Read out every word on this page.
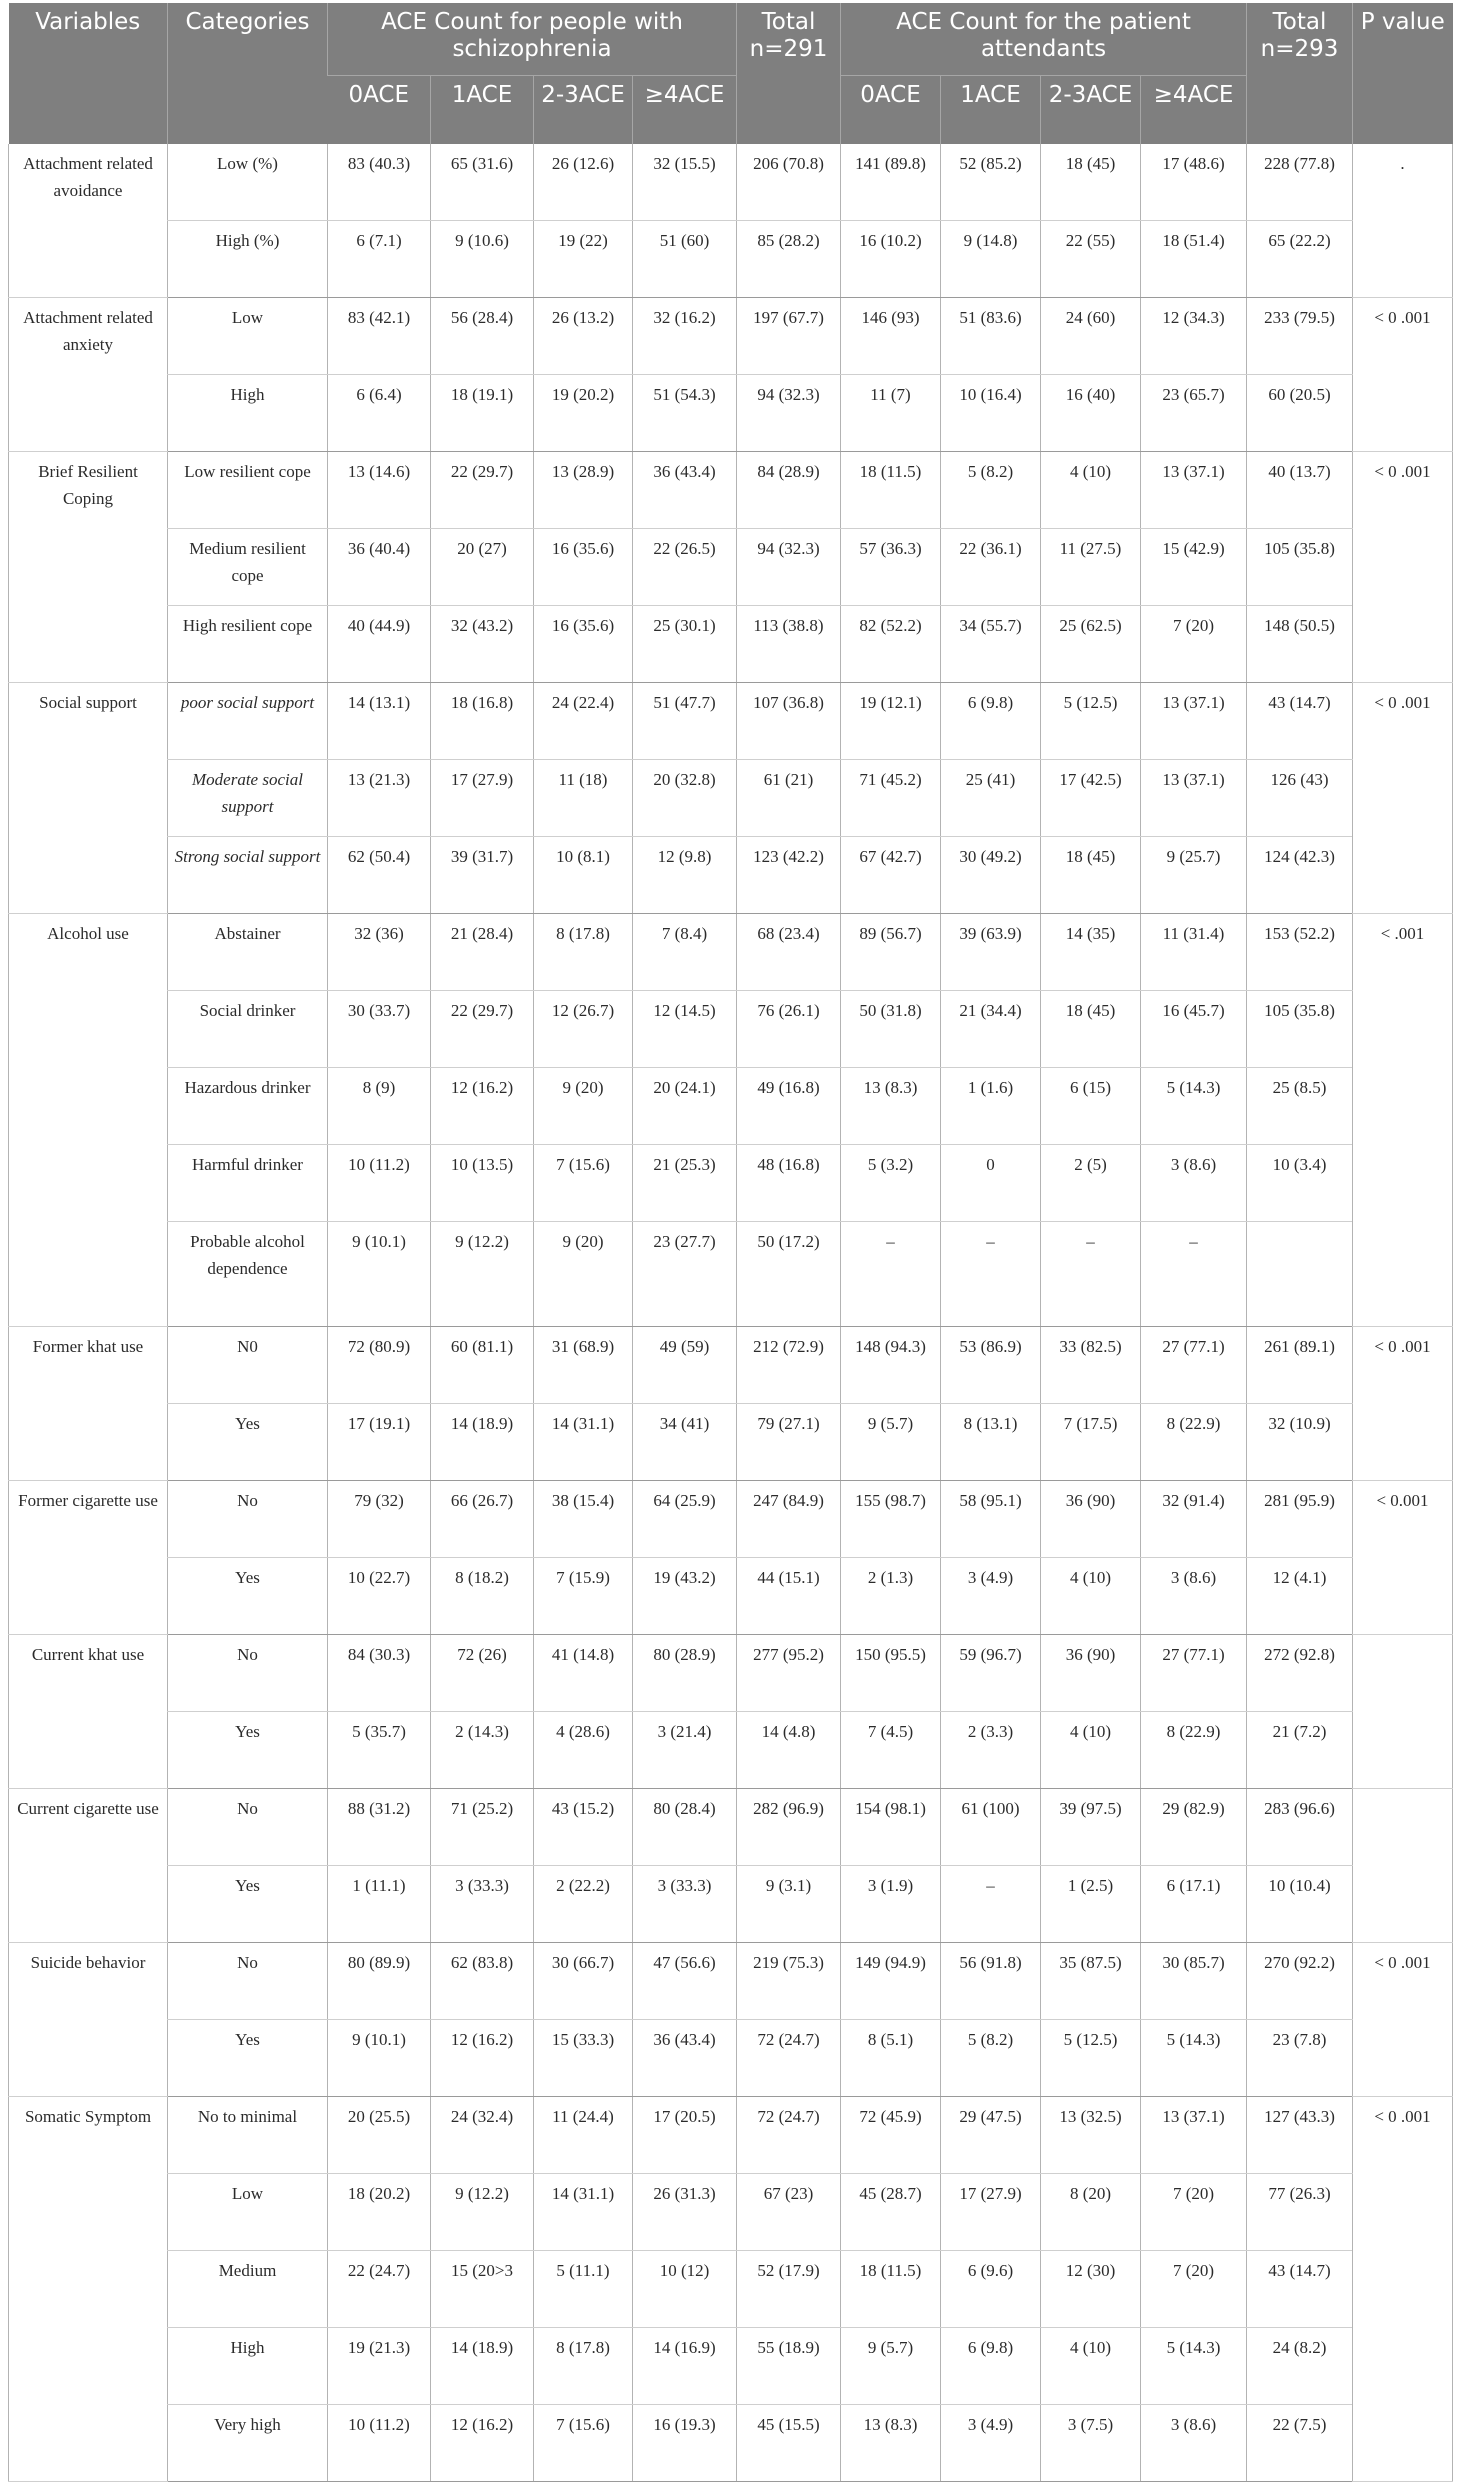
Variables	Categories	ACE Count for people with schizophrenia				Total n=291	ACE Count for the patient attendants				Total n=293	P value
		0ACE	1ACE	2-3ACE	≥4ACE		0ACE	1ACE	2-3ACE	≥4ACE		
Attachment related avoidance	Low (%)	83 (40.3)	65 (31.6)	26 (12.6)	32 (15.5)	206 (70.8)	141 (89.8)	52 (85.2)	18 (45)	17 (48.6)	228 (77.8)	.
	High (%)	6 (7.1)	9 (10.6)	19 (22)	51 (60)	85 (28.2)	16 (10.2)	9 (14.8)	22 (55)	18 (51.4)	65 (22.2)	
Attachment related anxiety	Low	83 (42.1)	56 (28.4)	26 (13.2)	32 (16.2)	197 (67.7)	146 (93)	51 (83.6)	24 (60)	12 (34.3)	233 (79.5)	< 0 .001
	High	6 (6.4)	18 (19.1)	19 (20.2)	51 (54.3)	94 (32.3)	11 (7)	10 (16.4)	16 (40)	23 (65.7)	60 (20.5)	
Brief Resilient Coping	Low resilient cope	13 (14.6)	22 (29.7)	13 (28.9)	36 (43.4)	84 (28.9)	18 (11.5)	5 (8.2)	4 (10)	13 (37.1)	40 (13.7)	< 0 .001
	Medium resilient cope	36 (40.4)	20 (27)	16 (35.6)	22 (26.5)	94 (32.3)	57 (36.3)	22 (36.1)	11 (27.5)	15 (42.9)	105 (35.8)	
	High resilient cope	40 (44.9)	32 (43.2)	16 (35.6)	25 (30.1)	113 (38.8)	82 (52.2)	34 (55.7)	25 (62.5)	7 (20)	148 (50.5)	
Social support	poor social support	14 (13.1)	18 (16.8)	24 (22.4)	51 (47.7)	107 (36.8)	19 (12.1)	6 (9.8)	5 (12.5)	13 (37.1)	43 (14.7)	< 0 .001
	Moderate social support	13 (21.3)	17 (27.9)	11 (18)	20 (32.8)	61 (21)	71 (45.2)	25 (41)	17 (42.5)	13 (37.1)	126 (43)	
	Strong social support	62 (50.4)	39 (31.7)	10 (8.1)	12 (9.8)	123 (42.2)	67 (42.7)	30 (49.2)	18 (45)	9 (25.7)	124 (42.3)	
Alcohol use	Abstainer	32 (36)	21 (28.4)	8 (17.8)	7 (8.4)	68 (23.4)	89 (56.7)	39 (63.9)	14 (35)	11 (31.4)	153 (52.2)	< .001
	Social drinker	30 (33.7)	22 (29.7)	12 (26.7)	12 (14.5)	76 (26.1)	50 (31.8)	21 (34.4)	18 (45)	16 (45.7)	105 (35.8)	
	Hazardous drinker	8 (9)	12 (16.2)	9 (20)	20 (24.1)	49 (16.8)	13 (8.3)	1 (1.6)	6 (15)	5 (14.3)	25 (8.5)	
	Harmful drinker	10 (11.2)	10 (13.5)	7 (15.6)	21 (25.3)	48 (16.8)	5 (3.2)	0	2 (5)	3 (8.6)	10 (3.4)	
	Probable alcohol dependence	9 (10.1)	9 (12.2)	9 (20)	23 (27.7)	50 (17.2)	–	–	–	–		
Former khat use	N0	72 (80.9)	60 (81.1)	31 (68.9)	49 (59)	212 (72.9)	148 (94.3)	53 (86.9)	33 (82.5)	27 (77.1)	261 (89.1)	< 0 .001
	Yes	17 (19.1)	14 (18.9)	14 (31.1)	34 (41)	79 (27.1)	9 (5.7)	8 (13.1)	7 (17.5)	8 (22.9)	32 (10.9)	
Former cigarette use	No	79 (32)	66 (26.7)	38 (15.4)	64 (25.9)	247 (84.9)	155 (98.7)	58 (95.1)	36 (90)	32 (91.4)	281 (95.9)	< 0.001
	Yes	10 (22.7)	8 (18.2)	7 (15.9)	19 (43.2)	44 (15.1)	2 (1.3)	3 (4.9)	4 (10)	3 (8.6)	12 (4.1)	
Current khat use	No	84 (30.3)	72 (26)	41 (14.8)	80 (28.9)	277 (95.2)	150 (95.5)	59 (96.7)	36 (90)	27 (77.1)	272 (92.8)	
	Yes	5 (35.7)	2 (14.3)	4 (28.6)	3 (21.4)	14 (4.8)	7 (4.5)	2 (3.3)	4 (10)	8 (22.9)	21 (7.2)	
Current cigarette use	No	88 (31.2)	71 (25.2)	43 (15.2)	80 (28.4)	282 (96.9)	154 (98.1)	61 (100)	39 (97.5)	29 (82.9)	283 (96.6)	
	Yes	1 (11.1)	3 (33.3)	2 (22.2)	3 (33.3)	9 (3.1)	3 (1.9)	–	1 (2.5)	6 (17.1)	10 (10.4)	
Suicide behavior	No	80 (89.9)	62 (83.8)	30 (66.7)	47 (56.6)	219 (75.3)	149 (94.9)	56 (91.8)	35 (87.5)	30 (85.7)	270 (92.2)	< 0 .001
	Yes	9 (10.1)	12 (16.2)	15 (33.3)	36 (43.4)	72 (24.7)	8 (5.1)	5 (8.2)	5 (12.5)	5 (14.3)	23 (7.8)	
Somatic Symptom	No to minimal	20 (25.5)	24 (32.4)	11 (24.4)	17 (20.5)	72 (24.7)	72 (45.9)	29 (47.5)	13 (32.5)	13 (37.1)	127 (43.3)	< 0 .001
	Low	18 (20.2)	9 (12.2)	14 (31.1)	26 (31.3)	67 (23)	45 (28.7)	17 (27.9)	8 (20)	7 (20)	77 (26.3)	
	Medium	22 (24.7)	15 (20>3	5 (11.1)	10 (12)	52 (17.9)	18 (11.5)	6 (9.6)	12 (30)	7 (20)	43 (14.7)	
	High	19 (21.3)	14 (18.9)	8 (17.8)	14 (16.9)	55 (18.9)	9 (5.7)	6 (9.8)	4 (10)	5 (14.3)	24 (8.2)	
	Very high	10 (11.2)	12 (16.2)	7 (15.6)	16 (19.3)	45 (15.5)	13 (8.3)	3 (4.9)	3 (7.5)	3 (8.6)	22 (7.5)	
